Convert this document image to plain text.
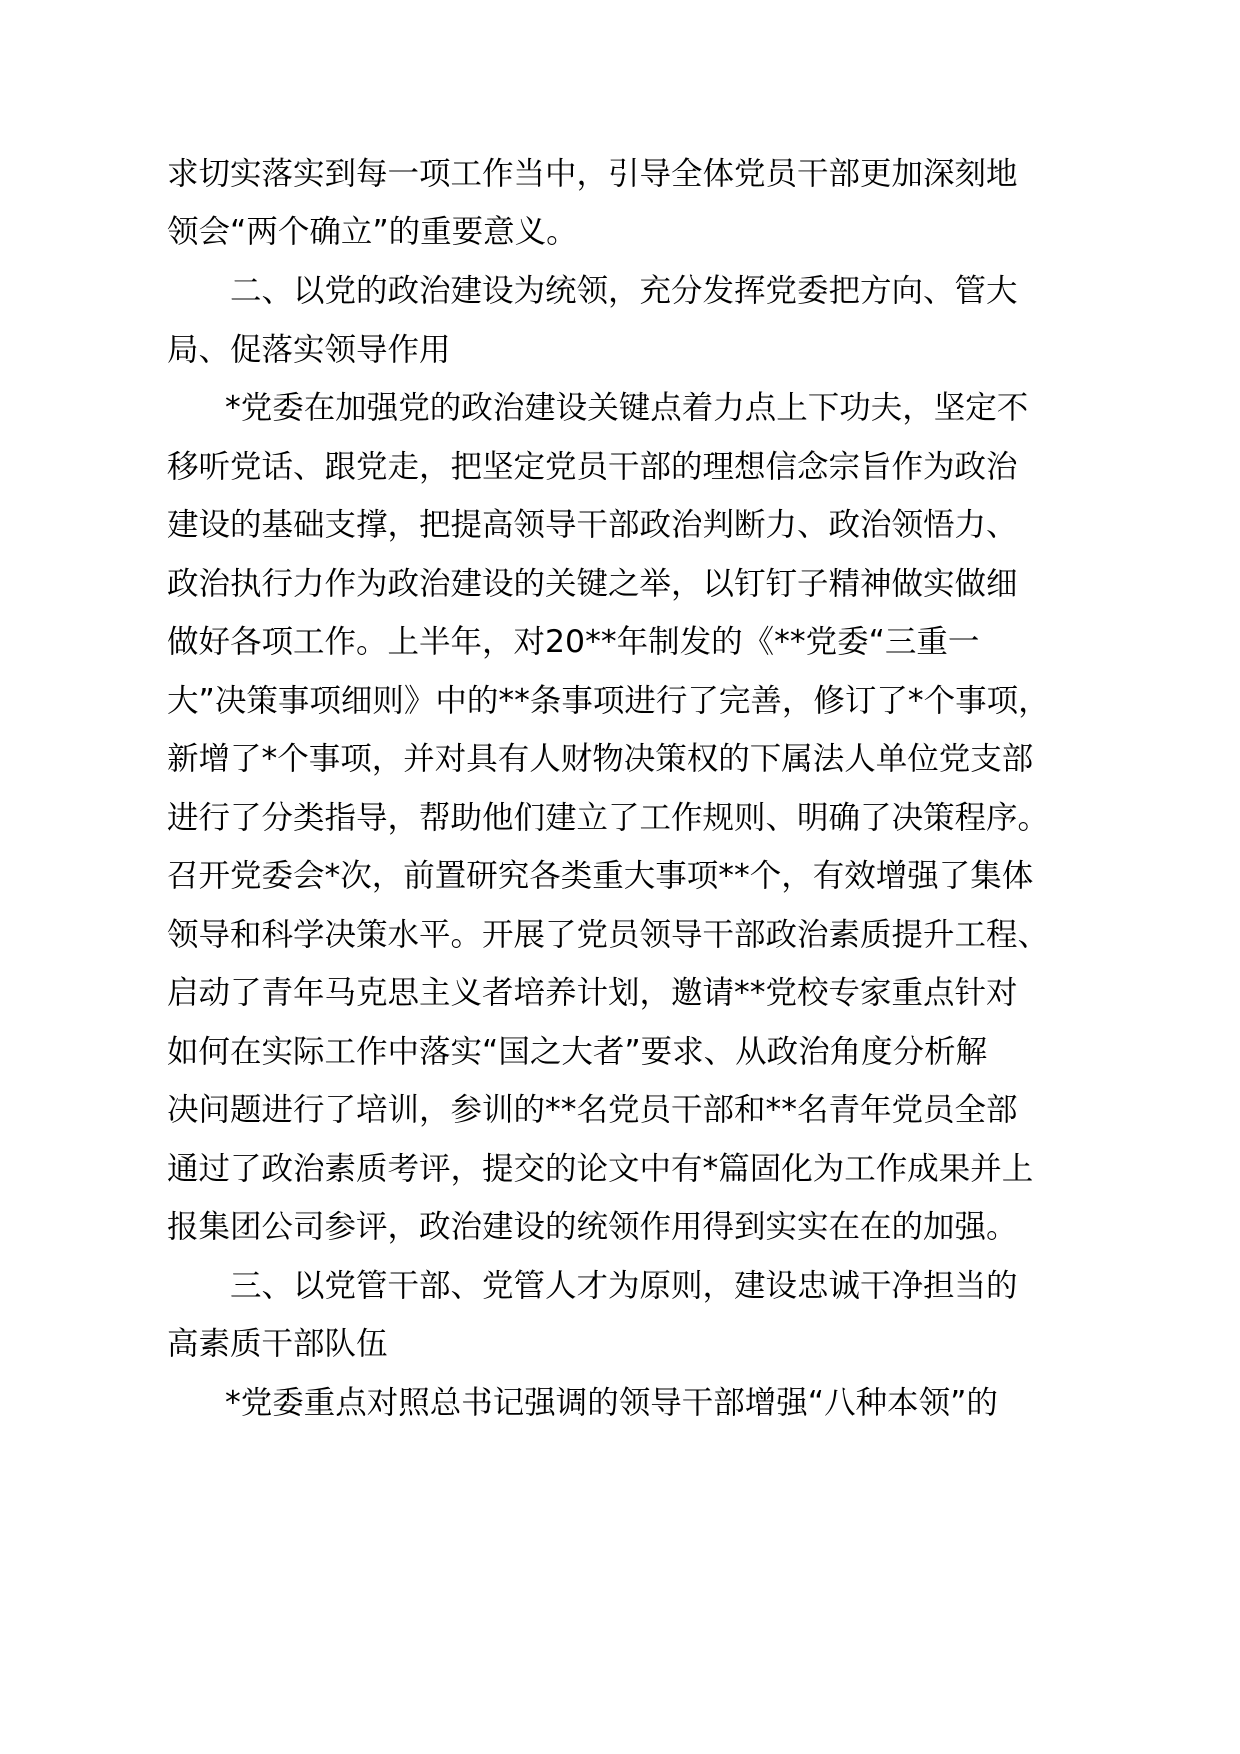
求切实落实到每一项工作当中，引导全体党员干部更加深刻地
领会“两个确立”的重要意义。
二、以党的政治建设为统领，充分发挥党委把方向、管大
局、促落实领导作用
*党委在加强党的政治建设关键点着力点上下功夫，坚定不
移听党话、跟党走，把坚定党员干部的理想信念宗旨作为政治
建设的基础支撑，把提高领导干部政治判断力、政治领悟力、
政治执行力作为政治建设的关键之举，以钉钉子精神做实做细
做好各项工作。上半年，对20**年制发的《**党委“三重一
大”决策事项细则》中的**条事项进行了完善，修订了*个事项，
新增了*个事项，并对具有人财物决策权的下属法人单位党支部
进行了分类指导，帮助他们建立了工作规则、明确了决策程序。
召开党委会*次，前置研究各类重大事项**个，有效增强了集体
领导和科学决策水平。开展了党员领导干部政治素质提升工程、
启动了青年马克思主义者培养计划，邀请**党校专家重点针对
如何在实际工作中落实“国之大者”要求、从政治角度分析解
决问题进行了培训，参训的**名党员干部和**名青年党员全部
通过了政治素质考评，提交的论文中有*篇固化为工作成果并上
报集团公司参评，政治建设的统领作用得到实实在在的加强。
三、以党管干部、党管人才为原则，建设忠诚干净担当的
高素质干部队伍
*党委重点对照总书记强调的领导干部增强“八种本领”的
